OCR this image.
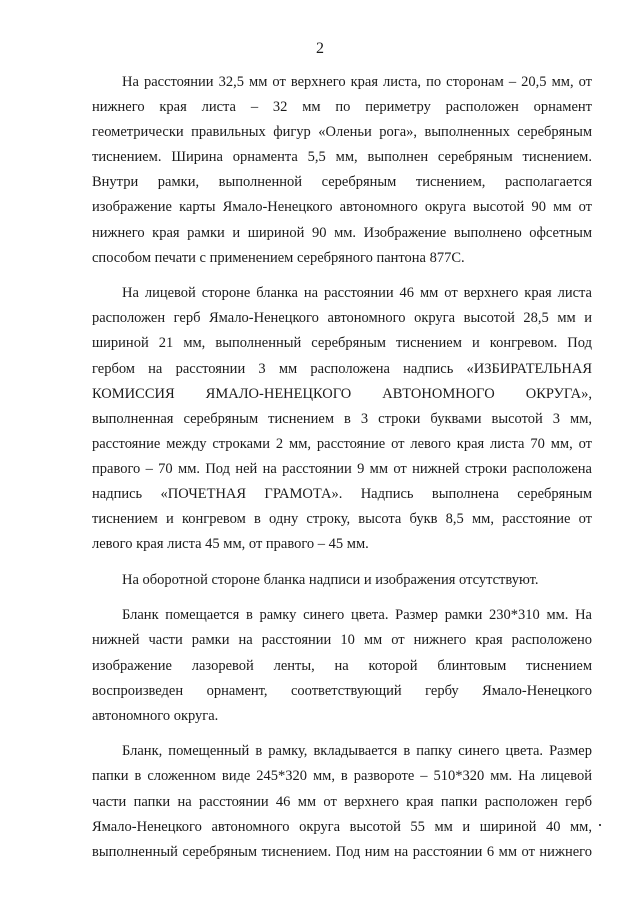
2
На расстоянии 32,5 мм от верхнего края листа, по сторонам – 20,5 мм, от
нижнего края листа – 32 мм по периметру расположен орнамент
геометрически правильных фигур «Оленьи рога», выполненных серебряным
тиснением. Ширина орнамента 5,5 мм, выполнен серебряным тиснением.
Внутри рамки, выполненной серебряным тиснением, располагается
изображение карты Ямало-Ненецкого автономного округа высотой 90 мм от
нижнего края рамки и шириной 90 мм. Изображение выполнено офсетным
способом печати с применением серебряного пантона 877С.
На лицевой стороне бланка на расстоянии 46 мм от верхнего края листа
расположен герб Ямало-Ненецкого автономного округа высотой 28,5 мм и
шириной 21 мм, выполненный серебряным тиснением и конгревом. Под
гербом на расстоянии 3 мм расположена надпись «ИЗБИРАТЕЛЬНАЯ
КОМИССИЯ ЯМАЛО-НЕНЕЦКОГО АВТОНОМНОГО ОКРУГА»,
выполненная серебряным тиснением в 3 строки буквами высотой 3 мм,
расстояние между строками 2 мм, расстояние от левого края листа 70 мм, от
правого – 70 мм. Под ней на расстоянии 9 мм от нижней строки расположена
надпись «ПОЧЕТНАЯ ГРАМОТА». Надпись выполнена серебряным
тиснением и конгревом в одну строку, высота букв 8,5 мм, расстояние от
левого края листа 45 мм, от правого – 45 мм.
На оборотной стороне бланка надписи и изображения отсутствуют.
Бланк помещается в рамку синего цвета. Размер рамки 230*310 мм. На
нижней части рамки на расстоянии 10 мм от нижнего края расположено
изображение лазоревой ленты, на которой блинтовым тиснением
воспроизведен орнамент, соответствующий гербу Ямало-Ненецкого
автономного округа.
Бланк, помещенный в рамку, вкладывается в папку синего цвета. Размер
папки в сложенном виде 245*320 мм, в развороте – 510*320 мм. На лицевой
части папки на расстоянии 46 мм от верхнего края папки расположен герб
Ямало-Ненецкого автономного округа высотой 55 мм и шириной 40 мм,
выполненный серебряным тиснением. Под ним на расстоянии 6 мм от нижнего
